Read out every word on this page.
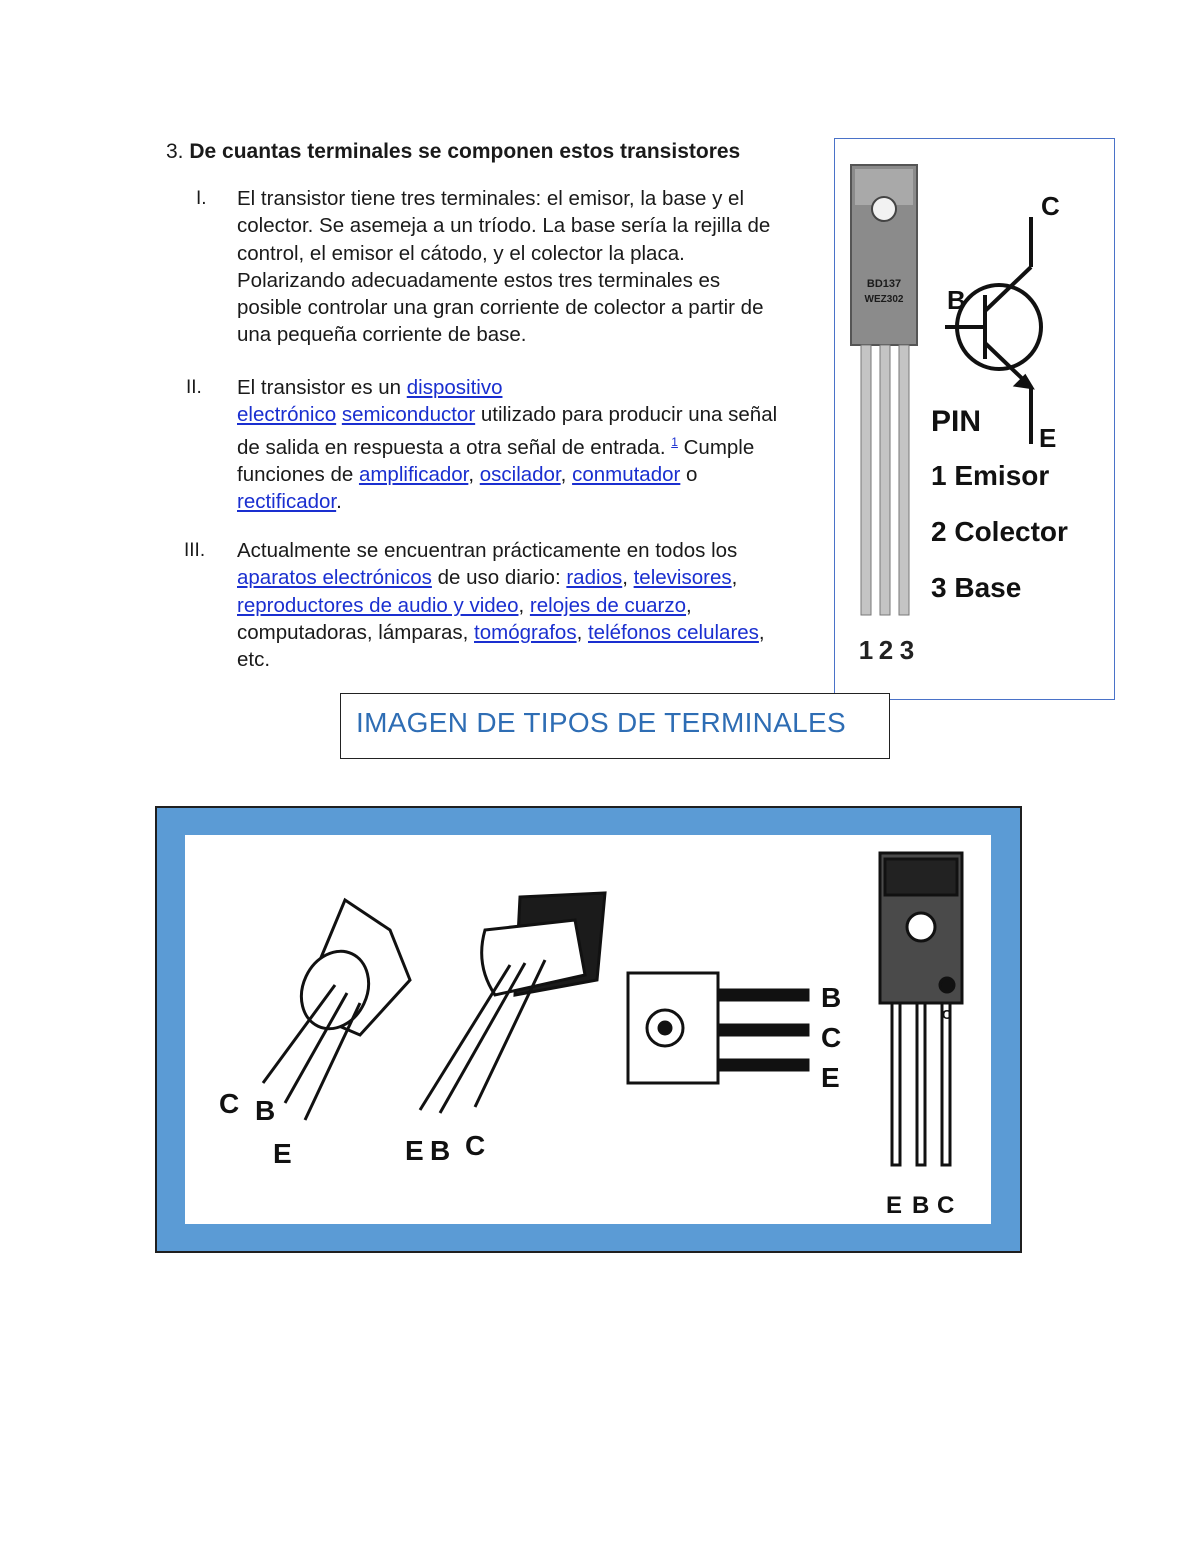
3. De cuantas terminales se componen estos transistores
I.	El transistor tiene tres terminales: el emisor, la base y el colector. Se asemeja a un tríodo. La base sería la rejilla de control, el emisor el cátodo, y el colector la placa. Polarizando adecuadamente estos tres terminales es posible controlar una gran corriente de colector a partir de una pequeña corriente de base.
II.	El transistor es un dispositivo
electrónico semiconductor utilizado para producir una señal de salida en respuesta a otra señal de entrada. $^1$ Cumple funciones de amplificador, oscilador, conmutador o rectificador.
III.	Actualmente se encuentran prácticamente en todos los aparatos electrónicos de uso diario: radios, televisores, reproductores de audio y video, relojes de cuarzo, computadoras, lámparas, tomógrafos, teléfonos celulares, etc.
BD137
WEZ302
1 2 3
C
B
E
PIN
1 Emisor
2 Colector
3 Base
IMAGEN DE TIPOS DE TERMINALES
C B
E	E B C
B
C
E
C
E B C
